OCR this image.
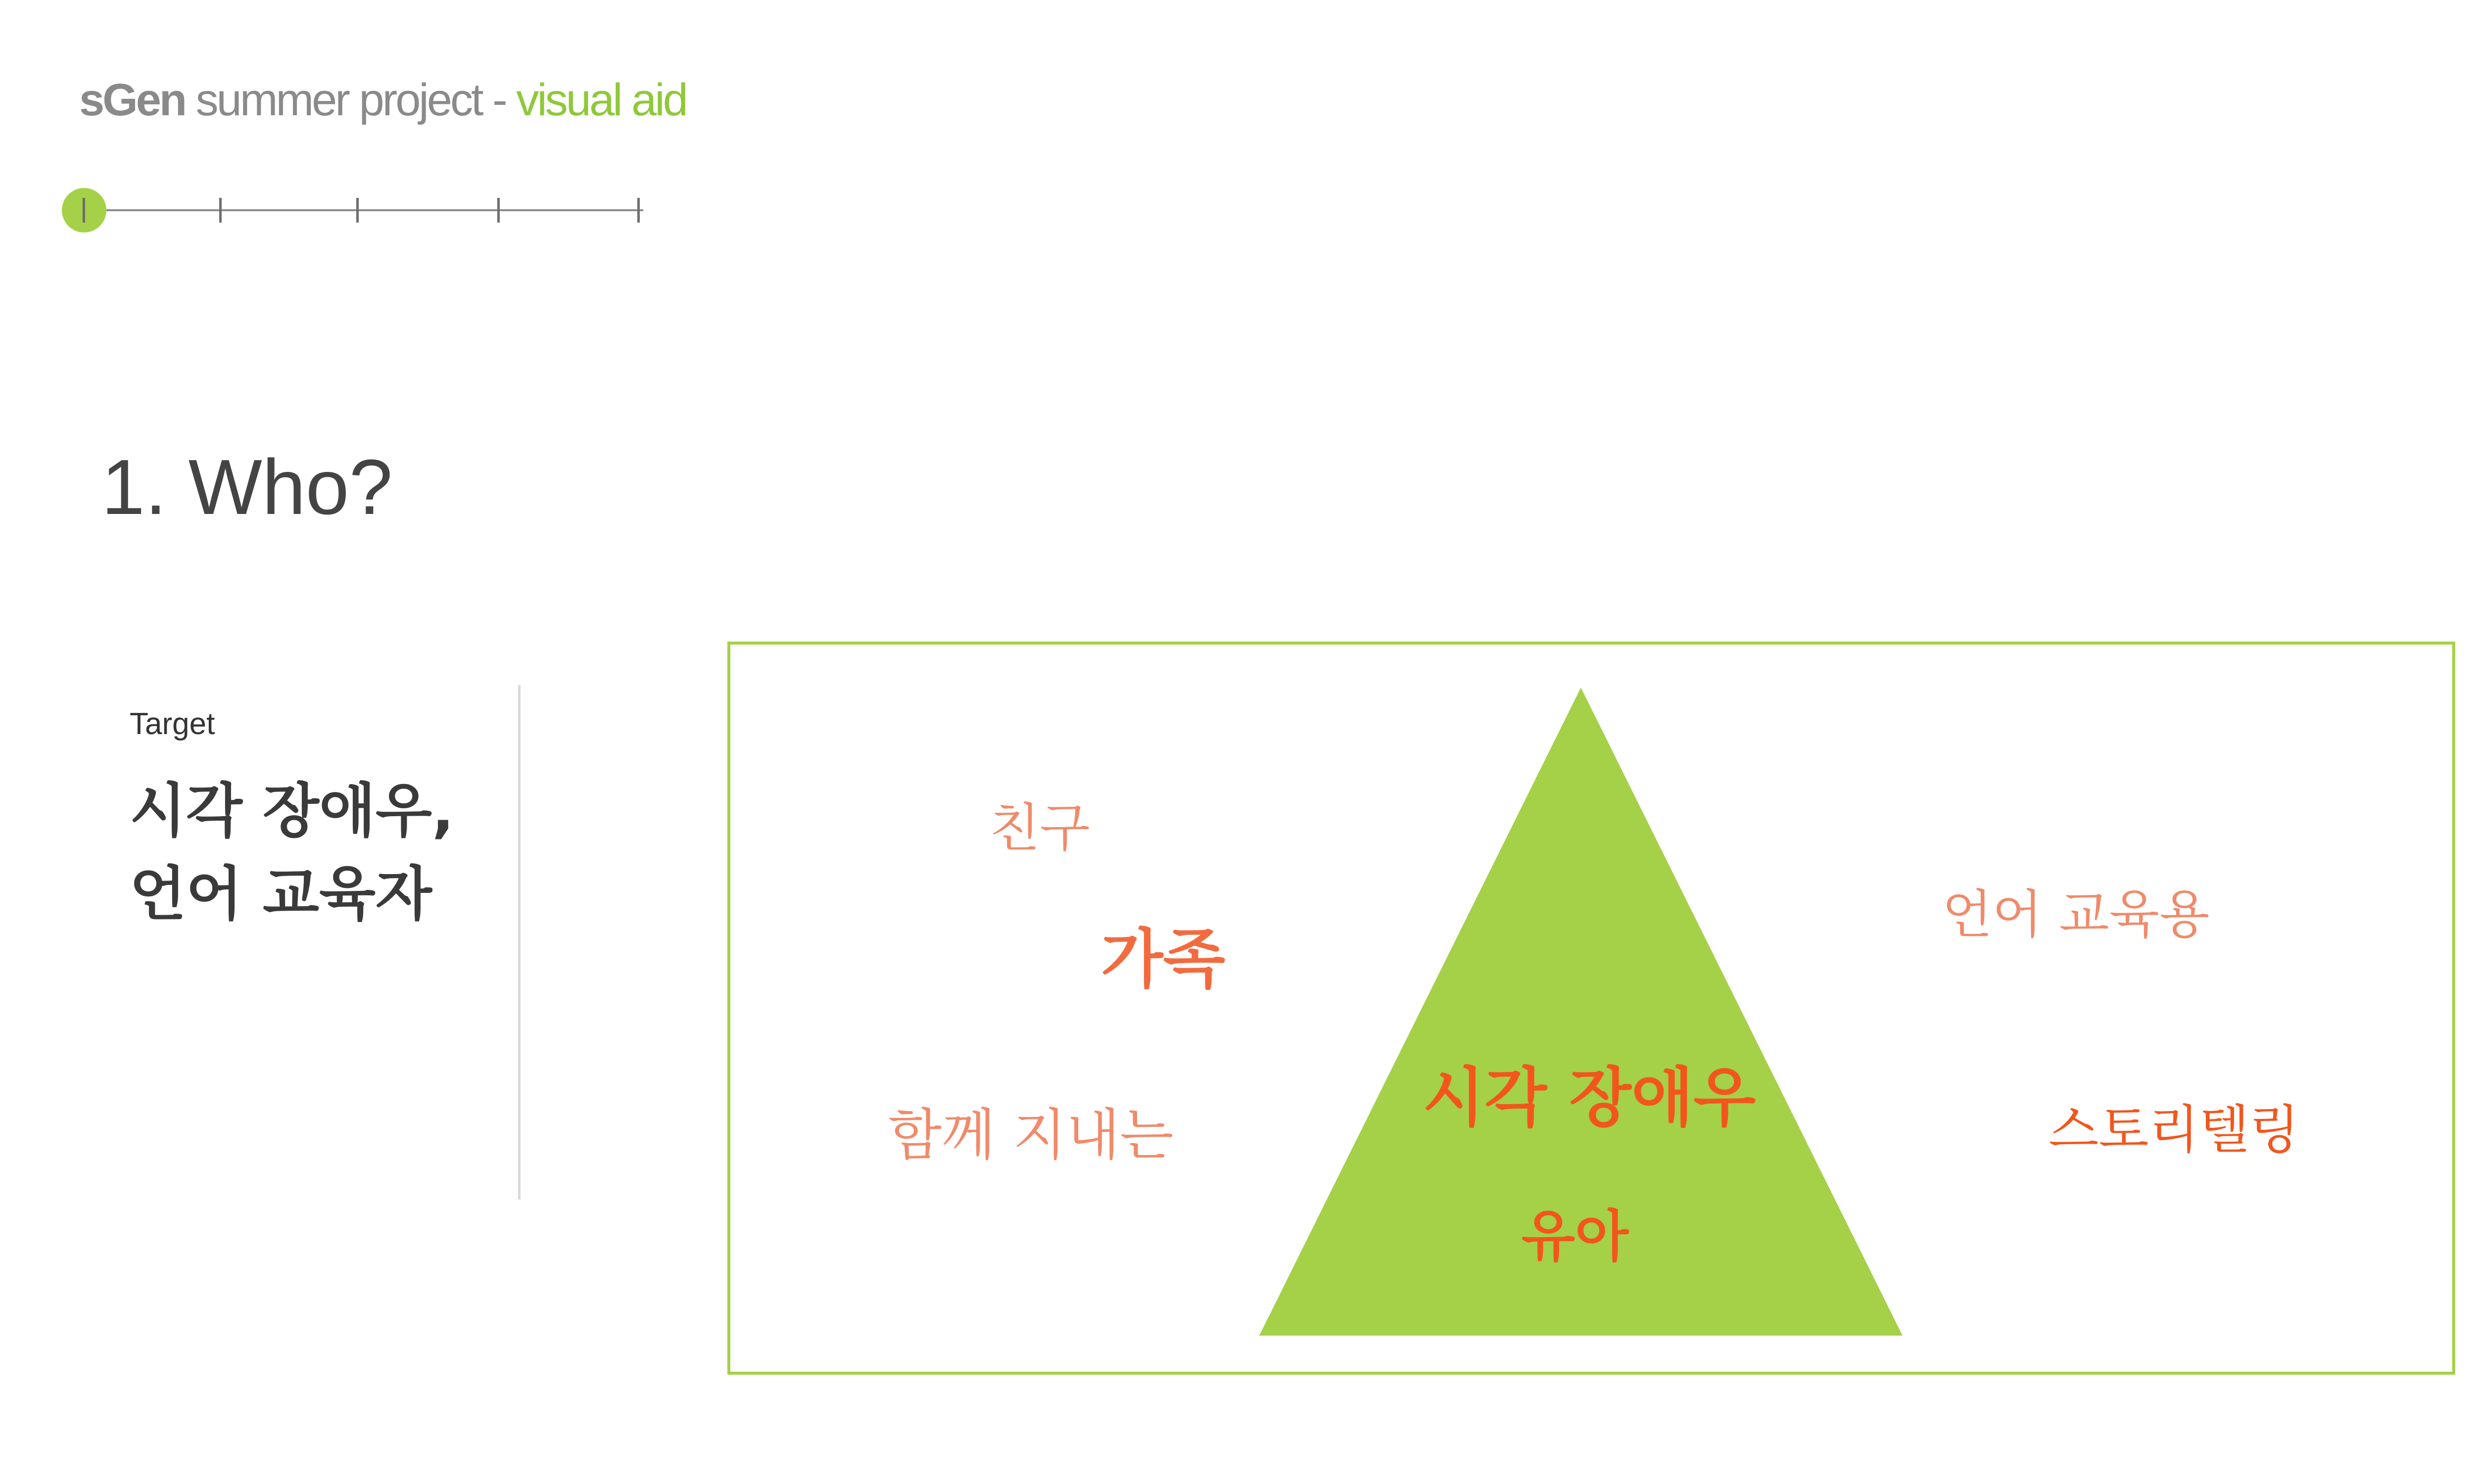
sGen summer project - visual aid
1. Who?
Target
시각 장애우,
언어 교육자
친구
가족
함께 지내는	시각 장애우
유아
언어 교육용
스토리텔링
